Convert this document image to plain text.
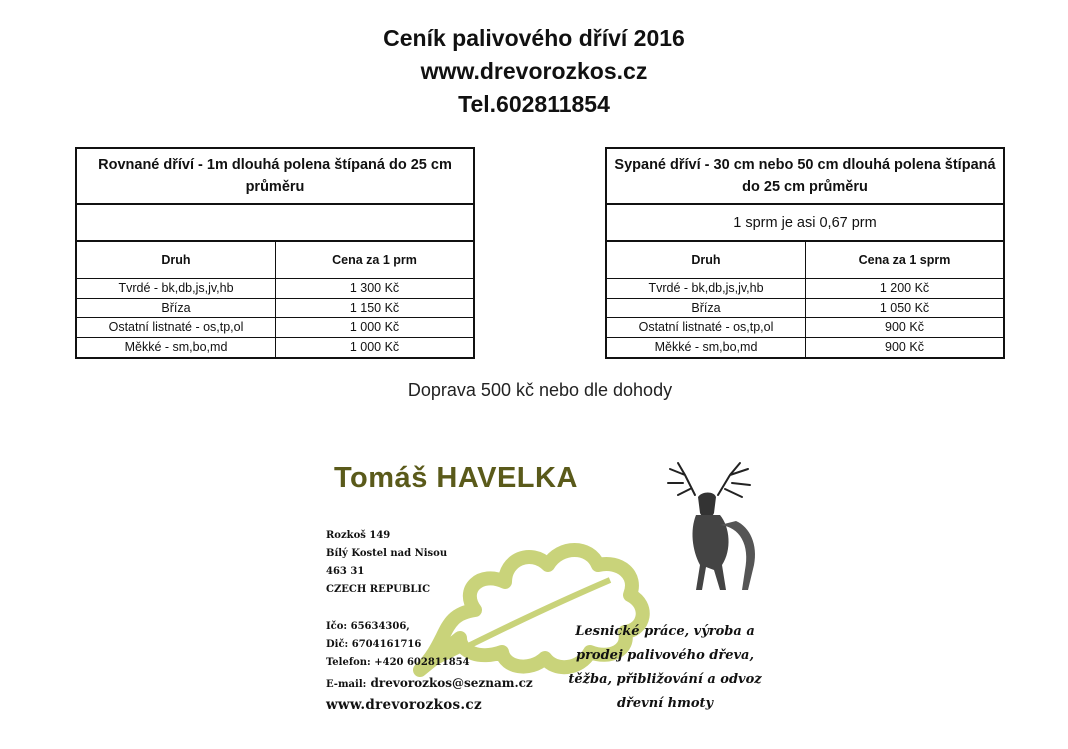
Ceník palivového dříví 2016
www.drevorozkos.cz
Tel.602811854
Rovnané dříví - 1m dlouhá polena štípaná do 25 cm průměru
Druh	Cena za 1 prm
Tvrdé - bk,db,js,jv,hb	1 300 Kč
Bříza	1 150 Kč
Ostatní listnaté - os,tp,ol	1 000 Kč
Měkké - sm,bo,md	1 000 Kč
Sypané dříví - 30 cm nebo 50 cm dlouhá polena štípaná do 25 cm průměru
1 sprm je asi 0,67 prm
Druh	Cena za 1 sprm
Tvrdé - bk,db,js,jv,hb	1 200 Kč
Bříza	1 050 Kč
Ostatní listnaté - os,tp,ol	900 Kč
Měkké - sm,bo,md	900 Kč
Doprava 500 kč nebo dle dohody
Tomáš HAVELKA
Rozkoš 149
Bílý Kostel nad Nisou
463 31
CZECH REPUBLIC
Ičo: 65634306,
Dič: 6704161716
Telefon: +420 602811854
E-mail: drevorozkos@seznam.cz
www.drevorozkos.cz
Lesnické práce, výroba a prodej palivového dřeva, těžba, přibližování a odvoz dřevní hmoty
